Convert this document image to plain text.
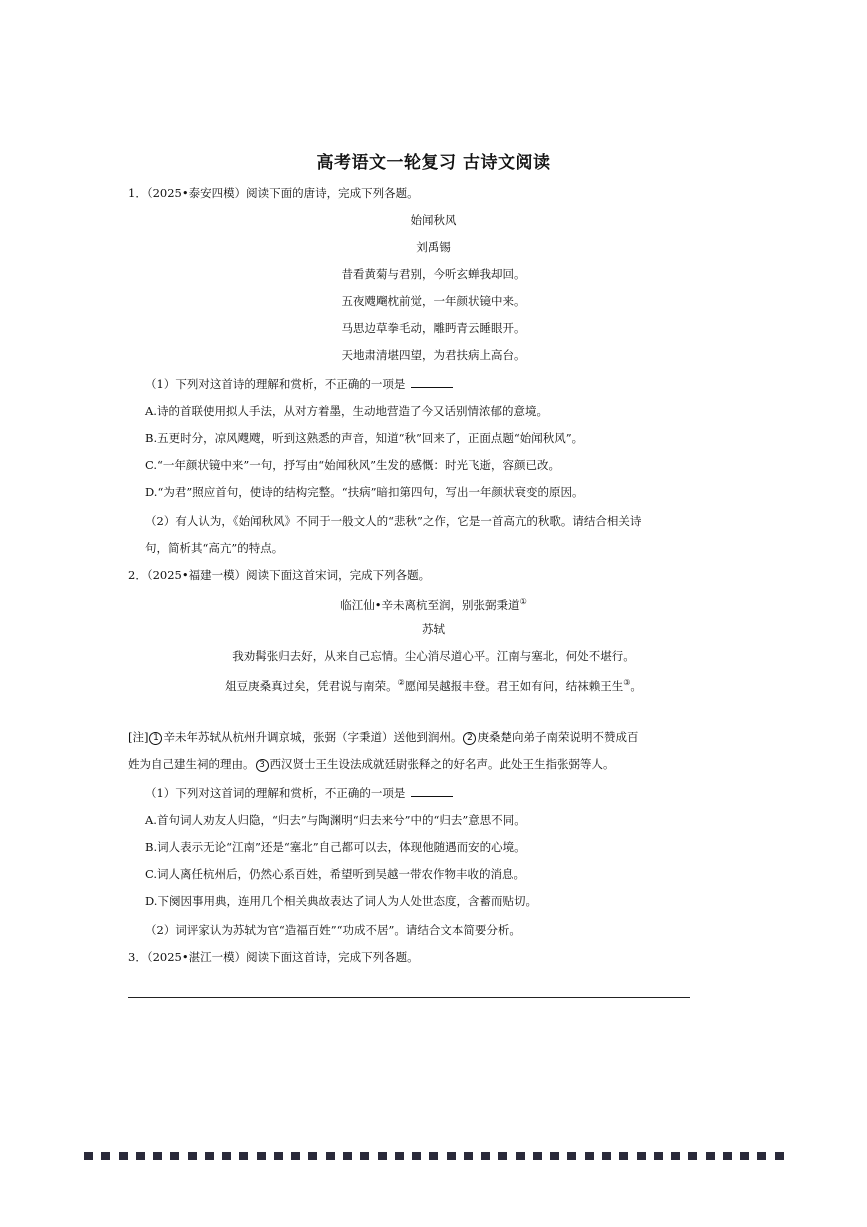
高考语文一轮复习 古诗文阅读
1．（2025•泰安四模）阅读下面的唐诗，完成下列各题。
始闻秋风
刘禹锡
昔看黄菊与君别，今听玄蝉我却回。
五夜飕飗枕前觉，一年颜状镜中来。
马思边草拳毛动，雕眄青云睡眼开。
天地肃清堪四望，为君扶病上高台。
（1）下列对这首诗的理解和赏析，不正确的一项是
A.诗的首联使用拟人手法，从对方着墨，生动地营造了今又话别情浓郁的意境。
B.五更时分，凉风飕飕，听到这熟悉的声音，知道“秋”回来了，正面点题“始闻秋风”。
C.“一年颜状镜中来”一句，抒写由“始闻秋风”生发的感慨：时光飞逝，容颜已改。
D.“为君”照应首句，使诗的结构完整。“扶病”暗扣第四句，写出一年颜状衰变的原因。
（2）有人认为，《始闻秋风》不同于一般文人的“悲秋”之作，它是一首高亢的秋歌。请结合相关诗
句，简析其“高亢”的特点。
2．（2025•福建一模）阅读下面这首宋词，完成下列各题。
临江仙•辛未离杭至润，别张弼秉道①
苏轼
我劝髯张归去好，从来自己忘情。尘心消尽道心平。江南与塞北，何处不堪行。
俎豆庚桑真过矣，凭君说与南荣。②愿闻吴越报丰登。君王如有问，结袜赖王生③。
[注] 1 辛未年苏轼从杭州升调京城，张弼（字秉道）送他到润州。 2 庚桑楚向弟子南荣说明不赞成百
姓为自己建生祠的理由。 3 西汉贤士王生设法成就廷尉张释之的好名声。此处王生指张弼等人。
（1）下列对这首词的理解和赏析，不正确的一项是
A.首句词人劝友人归隐，“归去”与陶渊明“归去来兮”中的“归去”意思不同。
B.词人表示无论“江南”还是“塞北”自己都可以去，体现他随遇而安的心境。
C.词人离任杭州后，仍然心系百姓，希望听到吴越一带农作物丰收的消息。
D.下阕因事用典，连用几个相关典故表达了词人为人处世态度，含蓄而贴切。
（2）词评家认为苏轼为官“造福百姓”“功成不居”。请结合文本简要分析。
3．（2025•湛江一模）阅读下面这首诗，完成下列各题。
